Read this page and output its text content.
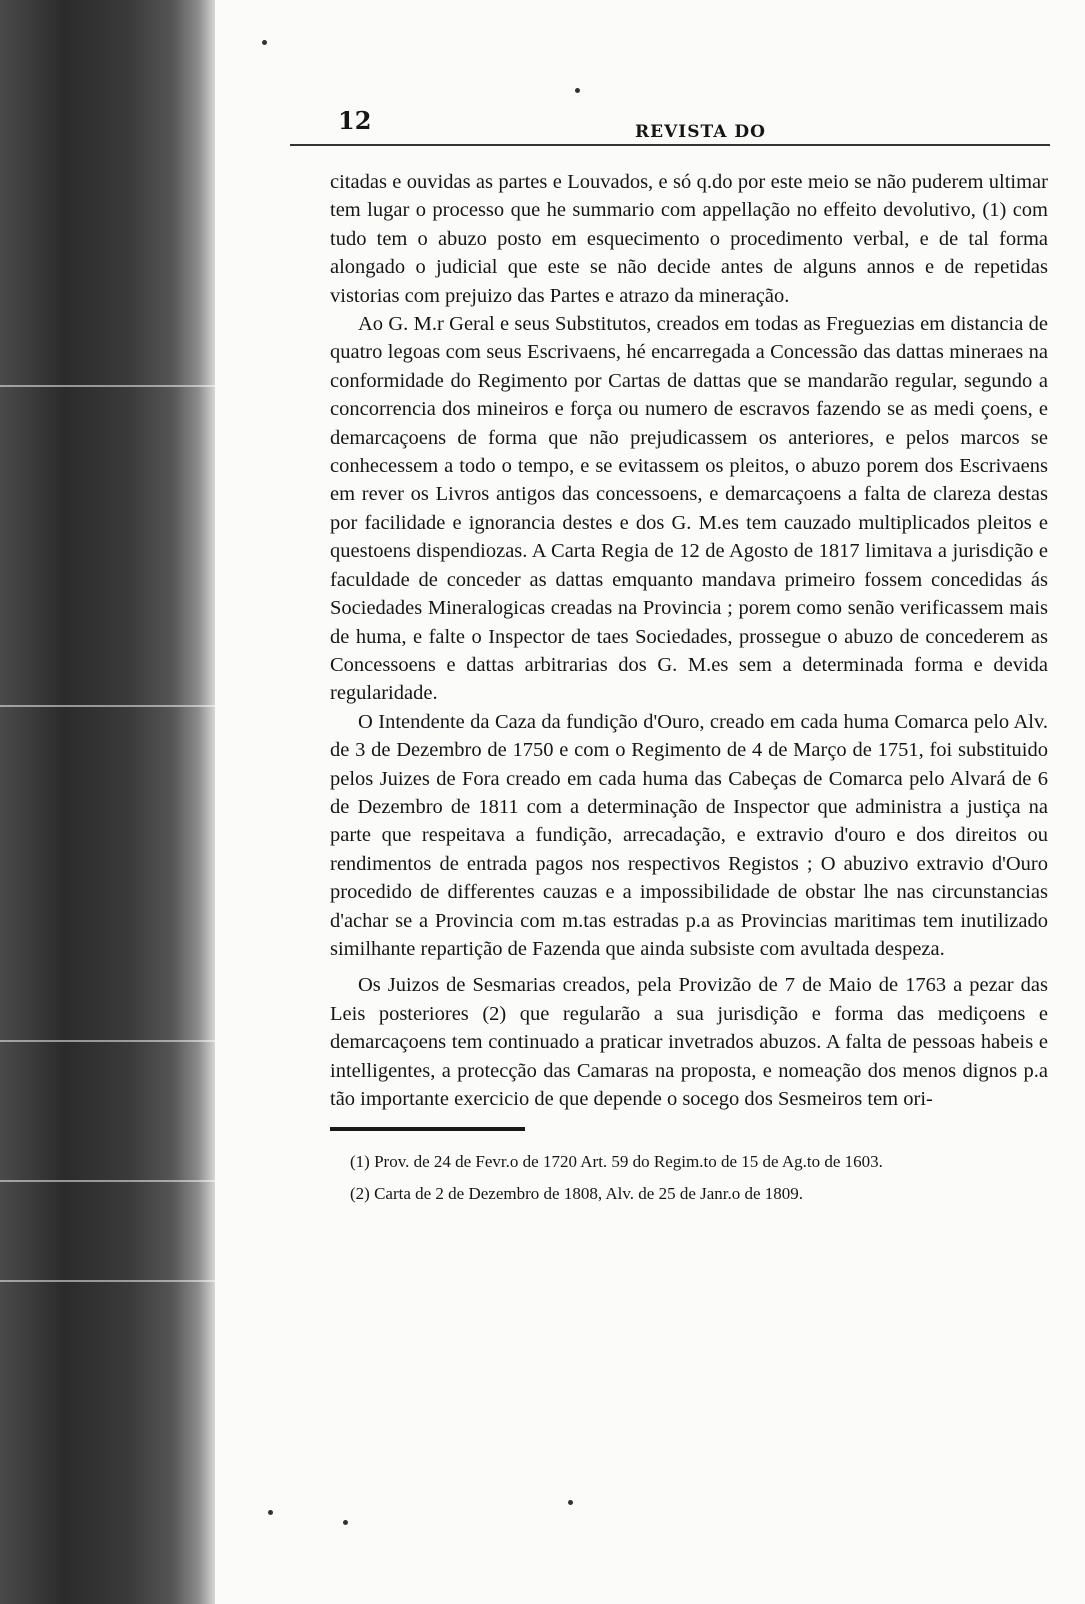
12	REVISTA DO

citadas e ouvidas as partes e Louvados, e só q.do por este meio se não puderem ultimar tem lugar o processo que he summario com appellação no effeito devolutivo, (1) com tudo tem o abuzo posto em esquecimento o procedimento verbal, e de tal forma alongado o judicial que este se não decide antes de alguns annos e de repetidas vistorias com prejuizo das Partes e atrazo da mineração.

Ao G. M.r Geral e seus Substitutos, creados em todas as Freguezias em distancia de quatro legoas com seus Escrivaens, hé encarregada a Concessão das dattas mineraes na conformidade do Regimento por Cartas de dattas que se mandarão regular, segundo a concorrencia dos mineiros e força ou numero de escravos fazendo se as medi çoens, e demarcaçoens de forma que não prejudicassem os anteriores, e pelos marcos se conhecessem a todo o tempo, e se evitassem os pleitos, o abuzo porem dos Escrivaens em rever os Livros antigos das concessoens, e demarcaçoens a falta de clareza destas por facilidade e ignorancia destes e dos G. M.es tem cauzado multiplicados pleitos e questoens dispendiozas. A Carta Regia de 12 de Agosto de 1817 limitava a jurisdição e faculdade de conceder as dattas emquanto mandava primeiro fossem concedidas ás Sociedades Mineralogicas creadas na Provincia ; porem como senão verificassem mais de huma, e falte o Inspector de taes Sociedades, prossegue o abuzo de concederem as Concessoens e dattas arbitrarias dos G. M.es sem a determinada forma e devida regularidade.

O Intendente da Caza da fundição d'Ouro, creado em cada huma Comarca pelo Alv. de 3 de Dezembro de 1750 e com o Regimento de 4 de Março de 1751, foi substituido pelos Juizes de Fora creado em cada huma das Cabeças de Comarca pelo Alvará de 6 de Dezembro de 1811 com a determinação de Inspector que administra a justiça na parte que respeitava a fundição, arrecadação, e extravio d'ouro e dos direitos ou rendimentos de entrada pagos nos respectivos Registos ; O abuzivo extravio d'Ouro procedido de differentes cauzas e a impossibilidade de obstar lhe nas circunstancias d'achar se a Provincia com m.tas estradas p.a as Provincias maritimas tem inutilizado similhante repartição de Fazenda que ainda subsiste com avultada despeza.

Os Juizos de Sesmarias creados, pela Provizão de 7 de Maio de 1763 a pezar das Leis posteriores (2) que regularão a sua jurisdição e forma das mediçoens e demarcaçoens tem continuado a praticar invetrados abuzos. A falta de pessoas habeis e intelligentes, a protecção das Camaras na proposta, e nomeação dos menos dignos p.a tão importante exercicio de que depende o socego dos Sesmeiros tem ori-

(1) Prov. de 24 de Fevr.o de 1720 Art. 59 do Regim.to de 15 de Ag.to de 1603.

(2) Carta de 2 de Dezembro de 1808, Alv. de 25 de Janr.o de 1809.
